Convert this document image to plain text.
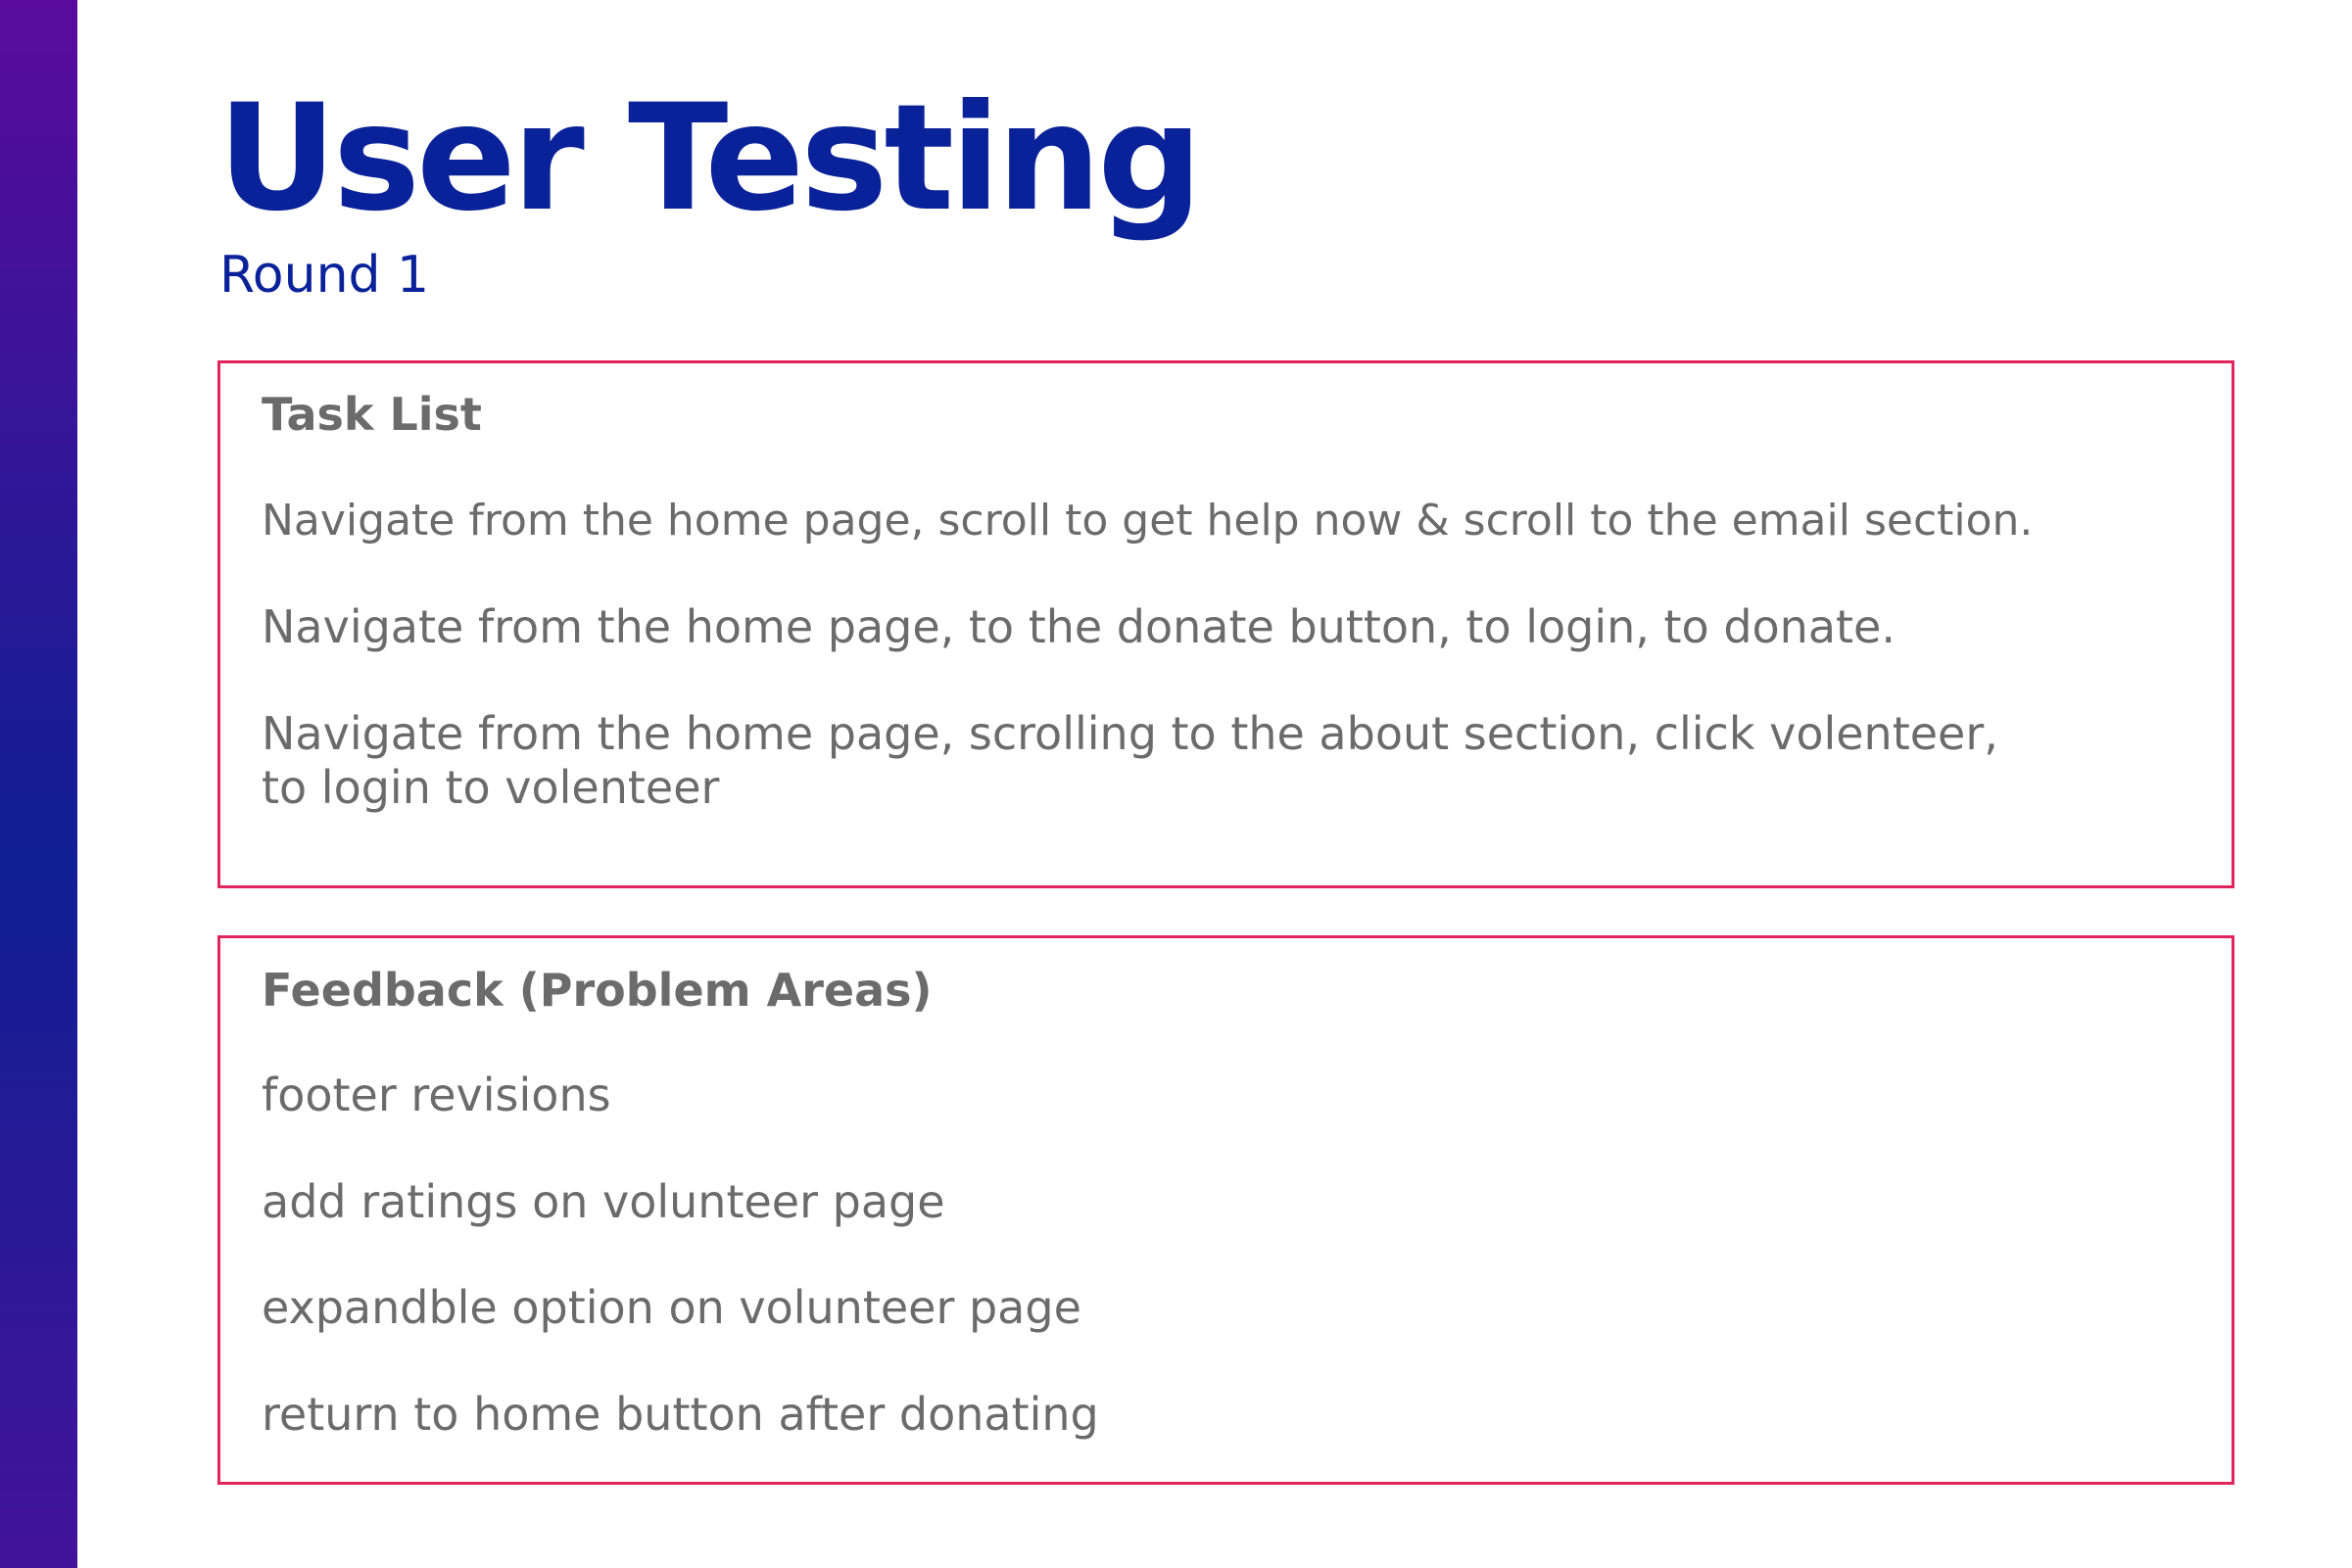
User Testing
Round 1
Task List

Navigate from the home page, scroll to get help now & scroll to the email section.

Navigate from the home page, to the donate button, to login, to donate.

Navigate from the home page, scrolling to the about section, click volenteer,

to login to volenteer

Feedback (Problem Areas)

footer revisions

add ratings on volunteer page

expandble option on volunteer page

return to home button after donating
